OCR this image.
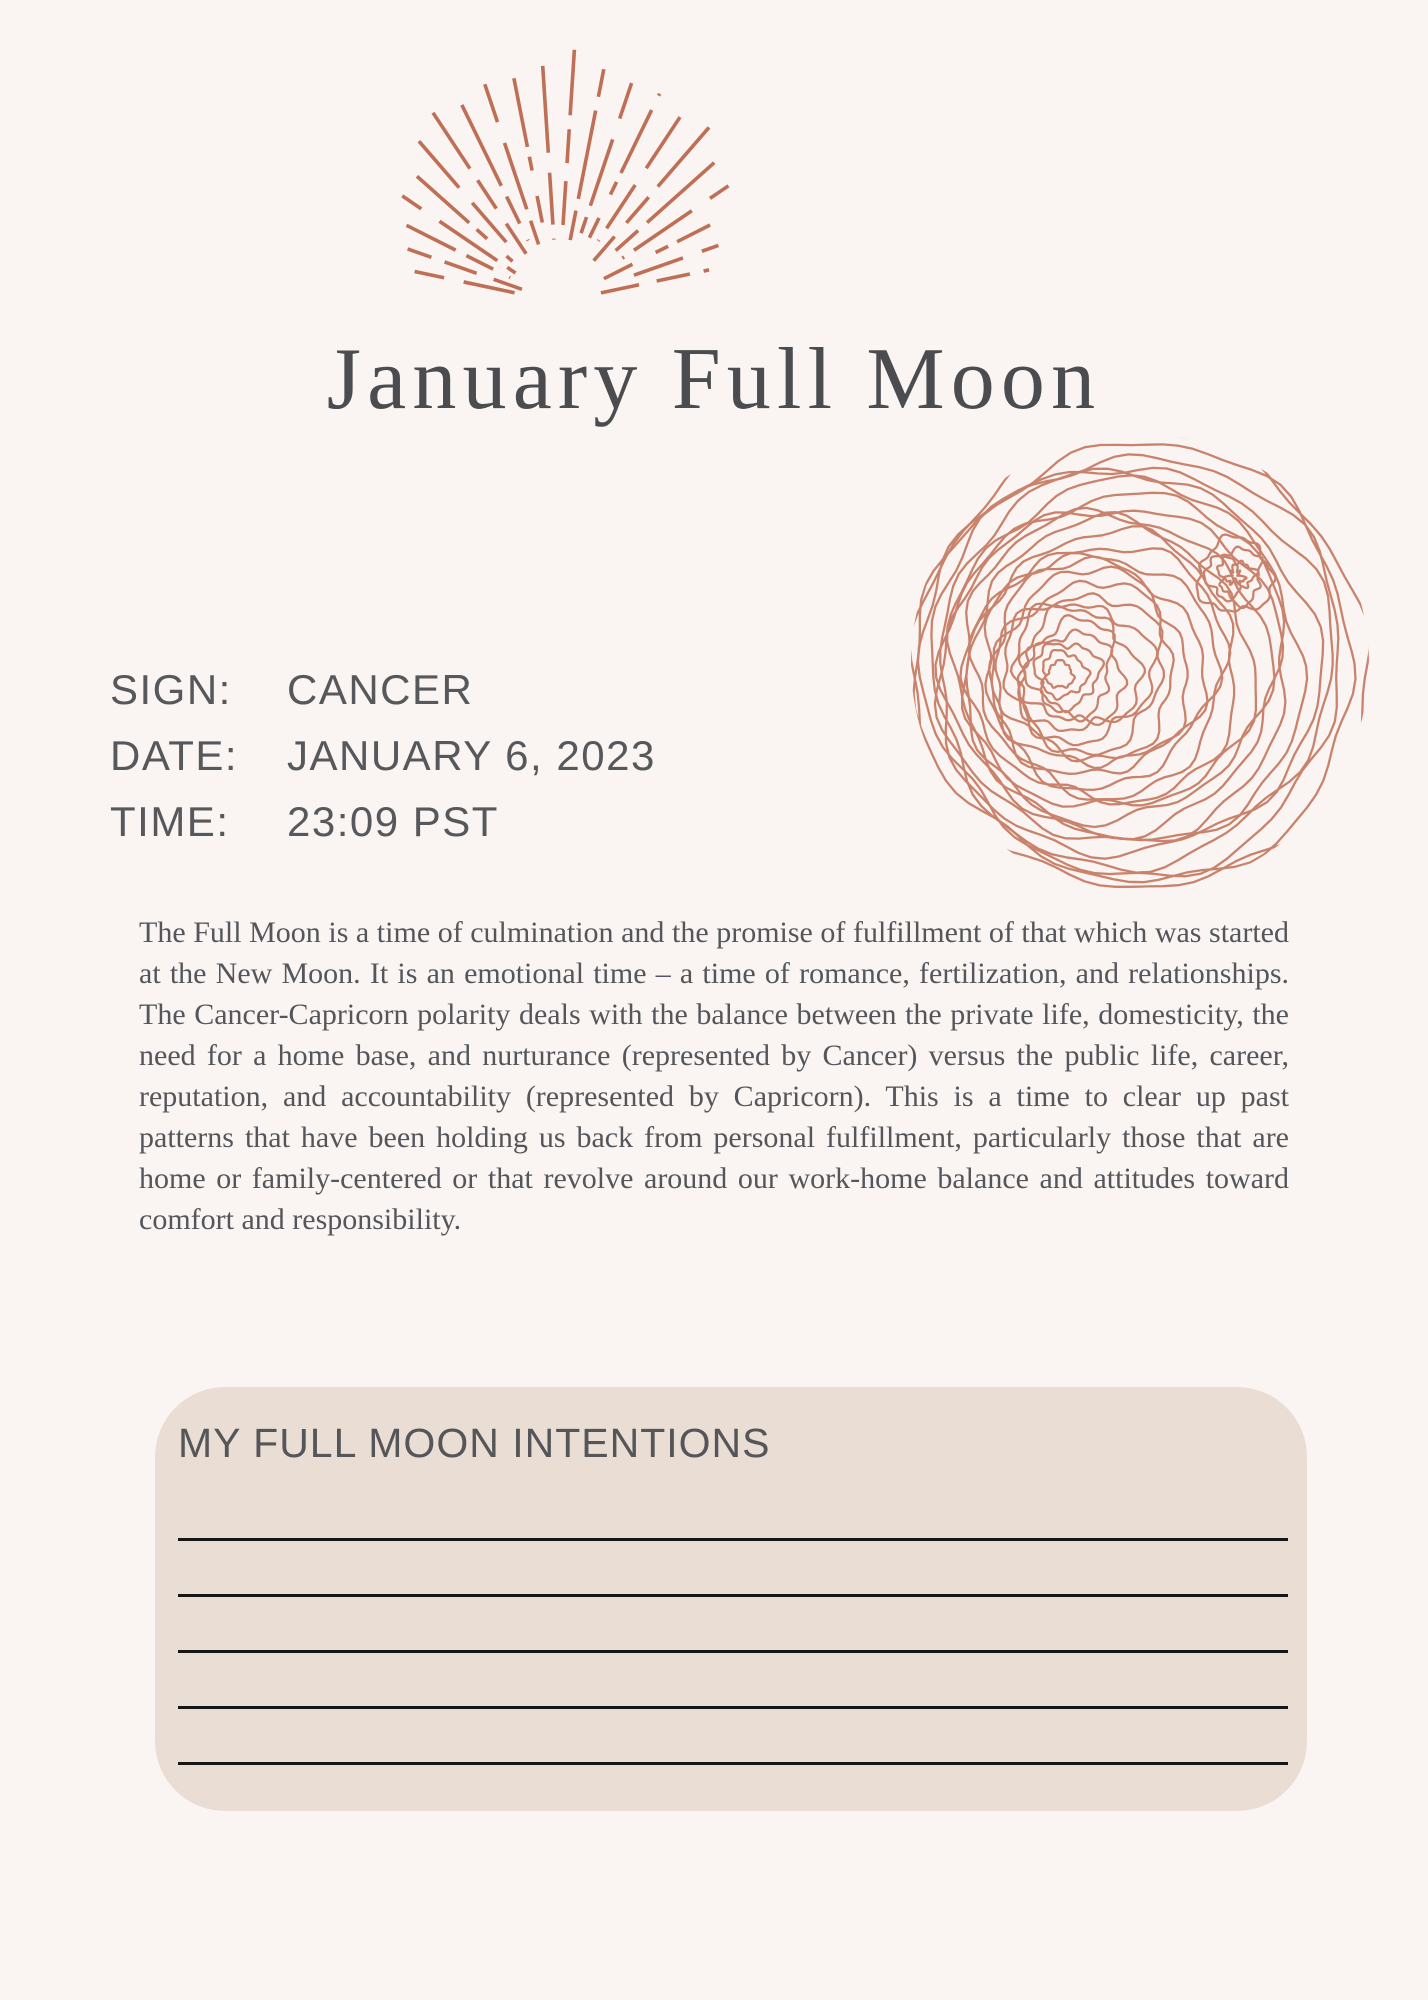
January Full Moon
SIGN:	CANCER
DATE:	JANUARY 6, 2023
TIME:	23:09 PST

The Full Moon is a time of culmination and the promise of fulfillment of that which was started at the New Moon. It is an emotional time – a time of romance, fertilization, and relationships. The Cancer-Capricorn polarity deals with the balance between the private life, domesticity, the need for a home base, and nurturance (represented by Cancer) versus the public life, career, reputation, and accountability (represented by Capricorn). This is a time to clear up past patterns that have been holding us back from personal fulfillment, particularly those that are home or family-centered or that revolve around our work-home balance and attitudes toward comfort and responsibility.

MY FULL MOON INTENTIONS
